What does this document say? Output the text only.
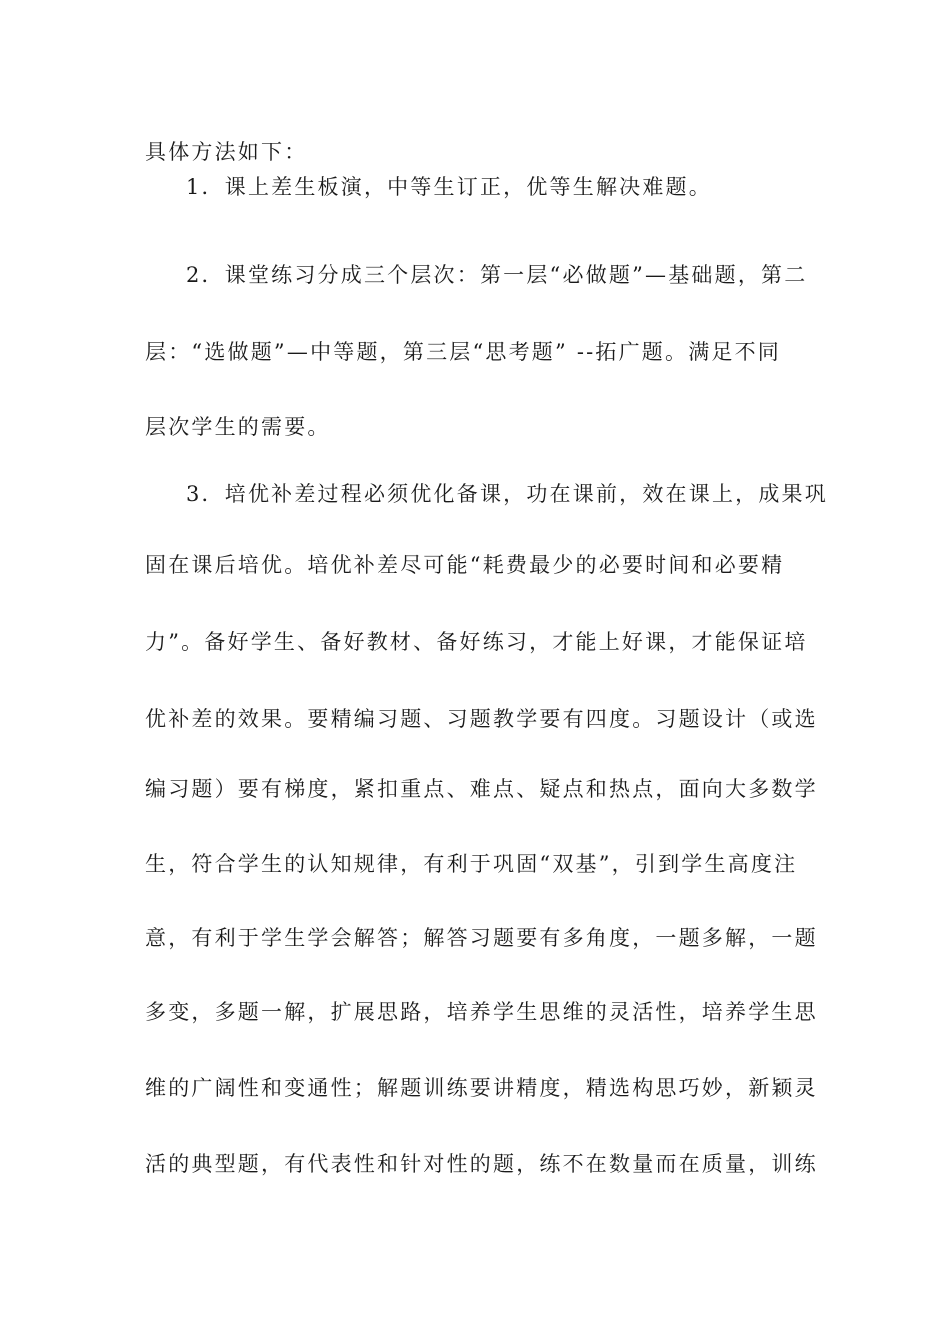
具体方法如下：
1．课上差生板演，中等生订正，优等生解决难题。
2．课堂练习分成三个层次：第一层“必做题”—基础题，第二
层：“选做题”—中等题，第三层“思考题” --拓广题。满足不同
层次学生的需要。
3．培优补差过程必须优化备课，功在课前，效在课上，成果巩
固在课后培优。培优补差尽可能“耗费最少的必要时间和必要精
力”。备好学生、备好教材、备好练习，才能上好课，才能保证培
优补差的效果。要精编习题、习题教学要有四度。习题设计（或选
编习题）要有梯度，紧扣重点、难点、疑点和热点，面向大多数学
生，符合学生的认知规律，有利于巩固“双基”，引到学生高度注
意，有利于学生学会解答；解答习题要有多角度，一题多解，一题
多变，多题一解，扩展思路，培养学生思维的灵活性，培养学生思
维的广阔性和变通性；解题训练要讲精度，精选构思巧妙，新颖灵
活的典型题，有代表性和针对性的题，练不在数量而在质量，训练
